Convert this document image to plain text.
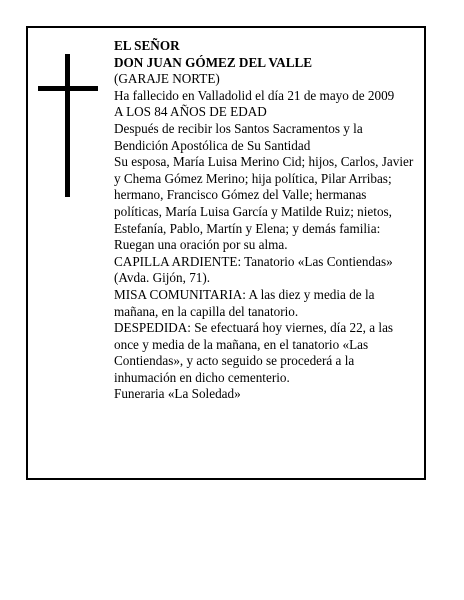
EL SEÑOR
DON JUAN GÓMEZ DEL VALLE
(GARAJE NORTE)
Ha fallecido en Valladolid el día 21 de mayo de 2009
A LOS 84 AÑOS DE EDAD
Después de recibir los Santos Sacramentos y la Bendición Apostólica de Su Santidad
Su esposa, María Luisa Merino Cid; hijos, Carlos, Javier y Chema Gómez Merino; hija política, Pilar Arribas; hermano, Francisco Gómez del Valle; hermanas políticas, María Luisa García y Matilde Ruiz; nietos, Estefanía, Pablo, Martín y Elena; y demás familia:
Ruegan una oración por su alma.
CAPILLA ARDIENTE: Tanatorio «Las Contiendas» (Avda. Gijón, 71).
MISA COMUNITARIA: A las diez y media de la mañana, en la capilla del tanatorio.
DESPEDIDA: Se efectuará hoy viernes, día 22, a las once y media de la mañana, en el tanatorio «Las Contiendas», y acto seguido se procederá a la inhumación en dicho cementerio.
Funeraria «La Soledad»
